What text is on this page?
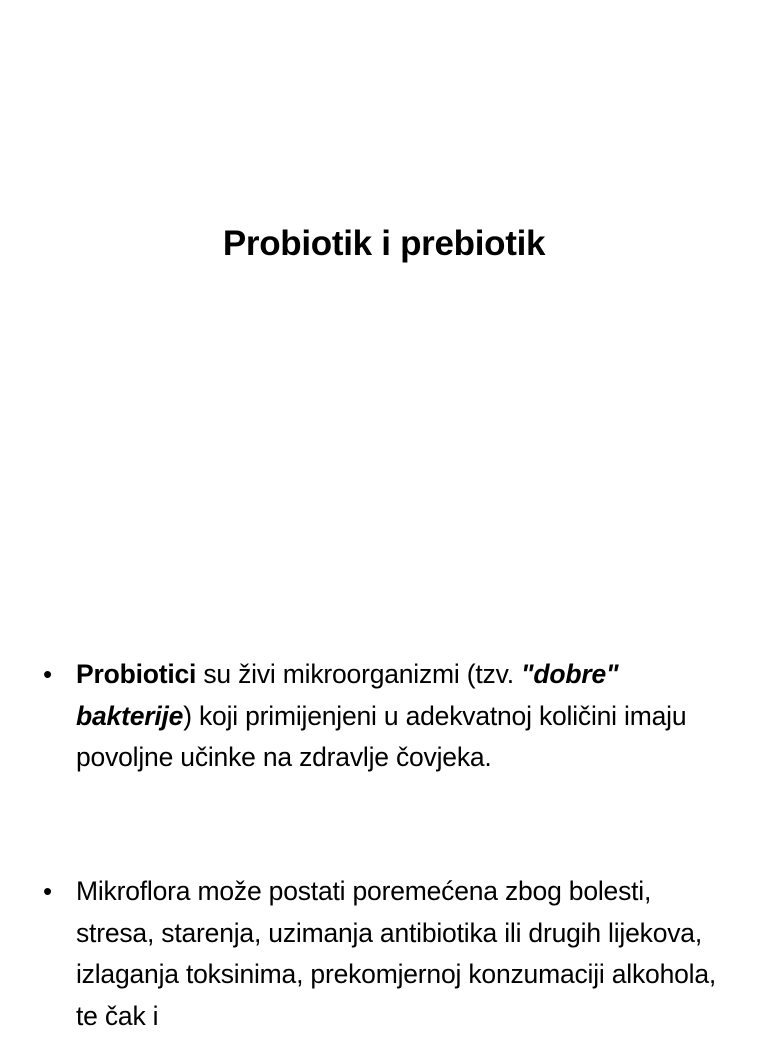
Probiotik i prebiotik
• Probiotici su živi mikroorganizmi (tzv. "dobre" bakterije) koji primijenjeni u adekvatnoj količini imaju povoljne učinke na zdravlje čovjeka.
• Mikroflora može postati poremećena zbog bolesti, stresa, starenja, uzimanja antibiotika ili drugih lijekova, izlaganja toksinima, prekomjernoj konzumaciji alkohola, te čak i
